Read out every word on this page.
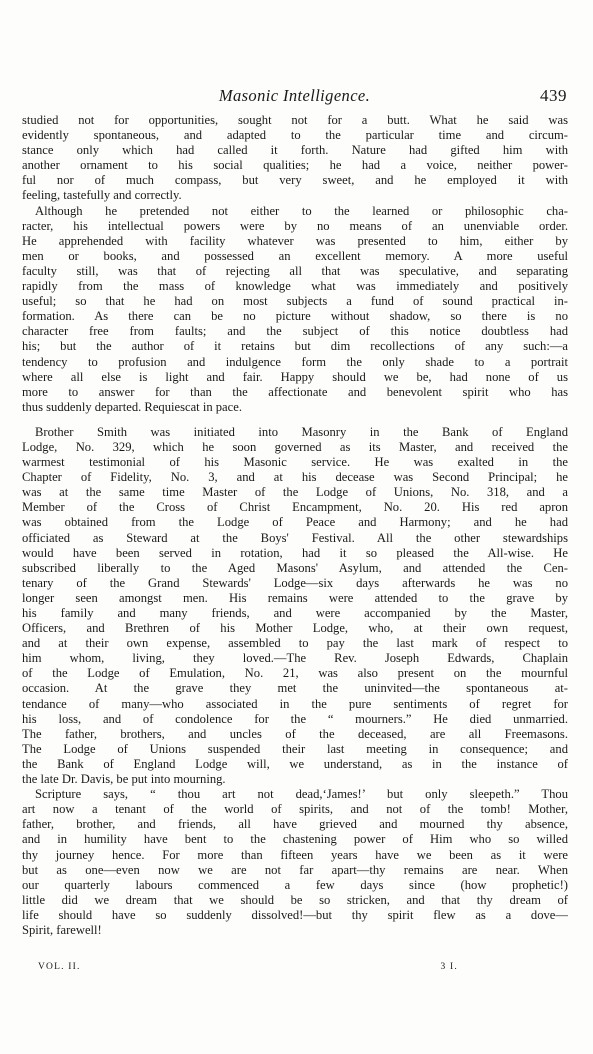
Masonic Intelligence.	439
studied not for opportunities, sought not for a butt. What he said was
evidently spontaneous, and adapted to the particular time and circum-
stance only which had called it forth. Nature had gifted him with
another ornament to his social qualities; he had a voice, neither power-
ful nor of much compass, but very sweet, and he employed it with
feeling, tastefully and correctly.
Although he pretended not either to the learned or philosophic cha-
racter, his intellectual powers were by no means of an unenviable order.
He apprehended with facility whatever was presented to him, either by
men or books, and possessed an excellent memory. A more useful
faculty still, was that of rejecting all that was speculative, and separating
rapidly from the mass of knowledge what was immediately and positively
useful; so that he had on most subjects a fund of sound practical in-
formation. As there can be no picture without shadow, so there is no
character free from faults; and the subject of this notice doubtless had
his; but the author of it retains but dim recollections of any such:—a
tendency to profusion and indulgence form the only shade to a portrait
where all else is light and fair. Happy should we be, had none of us
more to answer for than the affectionate and benevolent spirit who has
thus suddenly departed. Requiescat in pace.
Brother Smith was initiated into Masonry in the Bank of England
Lodge, No. 329, which he soon governed as its Master, and received the
warmest testimonial of his Masonic service. He was exalted in the
Chapter of Fidelity, No. 3, and at his decease was Second Principal; he
was at the same time Master of the Lodge of Unions, No. 318, and a
Member of the Cross of Christ Encampment, No. 20. His red apron
was obtained from the Lodge of Peace and Harmony; and he had
officiated as Steward at the Boys' Festival. All the other stewardships
would have been served in rotation, had it so pleased the All-wise. He
subscribed liberally to the Aged Masons' Asylum, and attended the Cen-
tenary of the Grand Stewards' Lodge—six days afterwards he was no
longer seen amongst men. His remains were attended to the grave by
his family and many friends, and were accompanied by the Master,
Officers, and Brethren of his Mother Lodge, who, at their own request,
and at their own expense, assembled to pay the last mark of respect to
him whom, living, they loved.—The Rev. Joseph Edwards, Chaplain
of the Lodge of Emulation, No. 21, was also present on the mournful
occasion. At the grave they met the uninvited—the spontaneous at-
tendance of many—who associated in the pure sentiments of regret for
his loss, and of condolence for the “ mourners.” He died unmarried.
The father, brothers, and uncles of the deceased, are all Freemasons.
The Lodge of Unions suspended their last meeting in consequence; and
the Bank of England Lodge will, we understand, as in the instance of
the late Dr. Davis, be put into mourning.
Scripture says, “ thou art not dead,‘James!’ but only sleepeth.” Thou
art now a tenant of the world of spirits, and not of the tomb! Mother,
father, brother, and friends, all have grieved and mourned thy absence,
and in humility have bent to the chastening power of Him who so willed
thy journey hence. For more than fifteen years have we been as it were
but as one—even now we are not far apart—thy remains are near. When
our quarterly labours commenced a few days since (how prophetic!)
little did we dream that we should be so stricken, and that thy dream of
life should have so suddenly dissolved!—but thy spirit flew as a dove—
Spirit, farewell!
VOL. II.	3 I.
